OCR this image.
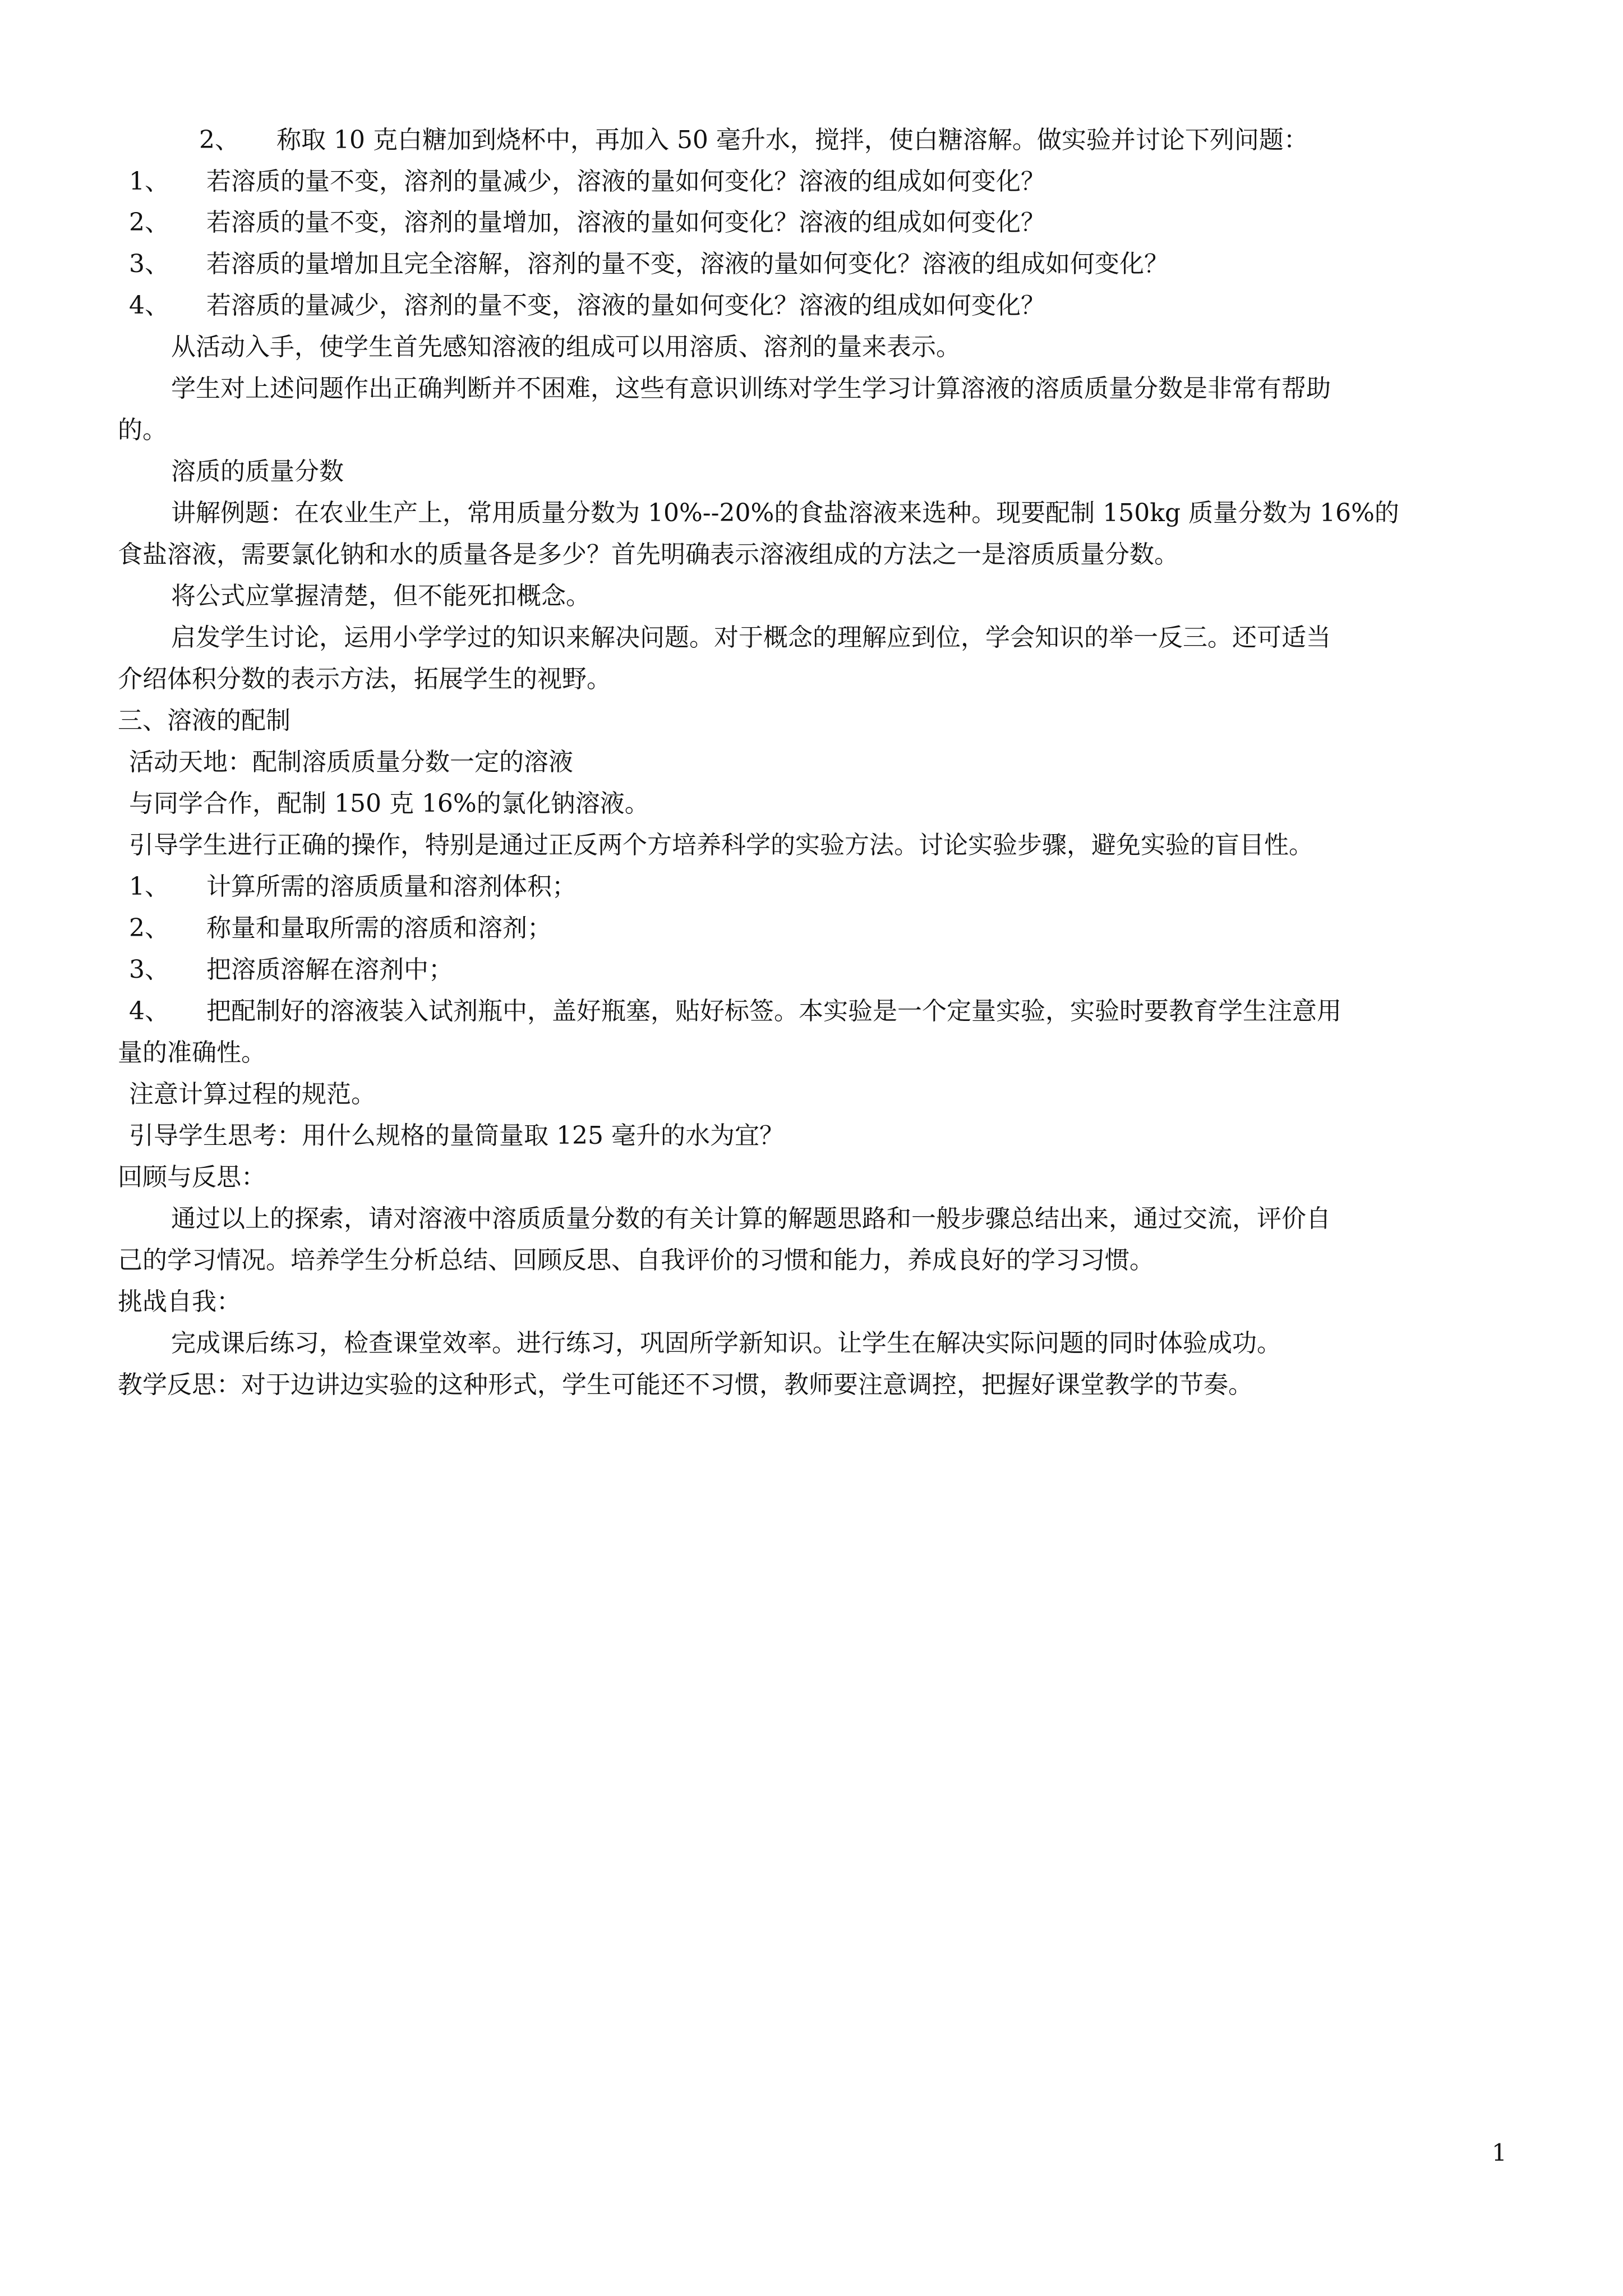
2、　　称取 10 克白糖加到烧杯中，再加入 50 毫升水，搅拌，使白糖溶解。做实验并讨论下列问题：
1、　　若溶质的量不变，溶剂的量减少，溶液的量如何变化？溶液的组成如何变化？
2、　　若溶质的量不变，溶剂的量增加，溶液的量如何变化？溶液的组成如何变化？
3、　　若溶质的量增加且完全溶解，溶剂的量不变，溶液的量如何变化？溶液的组成如何变化？
4、　　若溶质的量减少，溶剂的量不变，溶液的量如何变化？溶液的组成如何变化？
从活动入手，使学生首先感知溶液的组成可以用溶质、溶剂的量来表示。
学生对上述问题作出正确判断并不困难，这些有意识训练对学生学习计算溶液的溶质质量分数是非常有帮助
的。
溶质的质量分数
讲解例题：在农业生产上，常用质量分数为 10%--20%的食盐溶液来选种。现要配制 150kg 质量分数为 16%的
食盐溶液，需要氯化钠和水的质量各是多少？首先明确表示溶液组成的方法之一是溶质质量分数。
将公式应掌握清楚，但不能死扣概念。
启发学生讨论，运用小学学过的知识来解决问题。对于概念的理解应到位，学会知识的举一反三。还可适当
介绍体积分数的表示方法，拓展学生的视野。
三、溶液的配制
活动天地：配制溶质质量分数一定的溶液
与同学合作，配制 150 克 16%的氯化钠溶液。
引导学生进行正确的操作，特别是通过正反两个方培养科学的实验方法。讨论实验步骤，避免实验的盲目性。
1、　　计算所需的溶质质量和溶剂体积；
2、　　称量和量取所需的溶质和溶剂；
3、　　把溶质溶解在溶剂中；
4、　　把配制好的溶液装入试剂瓶中，盖好瓶塞，贴好标签。本实验是一个定量实验，实验时要教育学生注意用
量的准确性。
注意计算过程的规范。
引导学生思考：用什么规格的量筒量取 125 毫升的水为宜？
回顾与反思：
通过以上的探索，请对溶液中溶质质量分数的有关计算的解题思路和一般步骤总结出来，通过交流，评价自
己的学习情况。培养学生分析总结、回顾反思、自我评价的习惯和能力，养成良好的学习习惯。
挑战自我：
完成课后练习，检查课堂效率。进行练习，巩固所学新知识。让学生在解决实际问题的同时体验成功。
教学反思：对于边讲边实验的这种形式，学生可能还不习惯，教师要注意调控，把握好课堂教学的节奏。
1
